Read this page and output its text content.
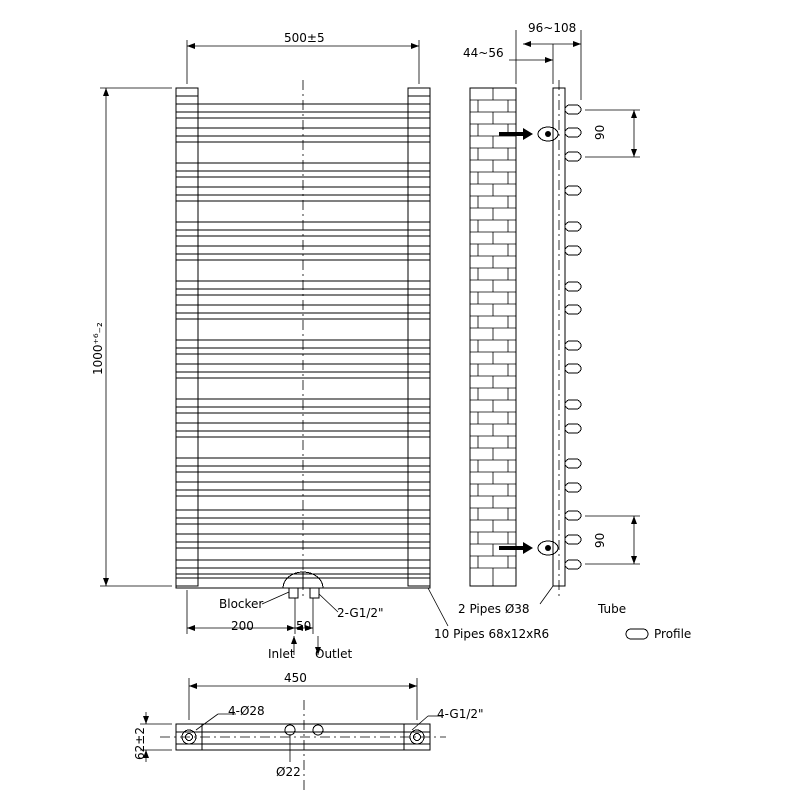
500±5
1000⁺⁶₋₂
44~56
96~108
90
90
Blocker
2-G1/2"
200	50
Inlet Outlet
2 Pipes Ø38	Tube
10 Pipes 68x12xR6	Profile
450
62±2
4-Ø28	4-G1/2"
Ø22
